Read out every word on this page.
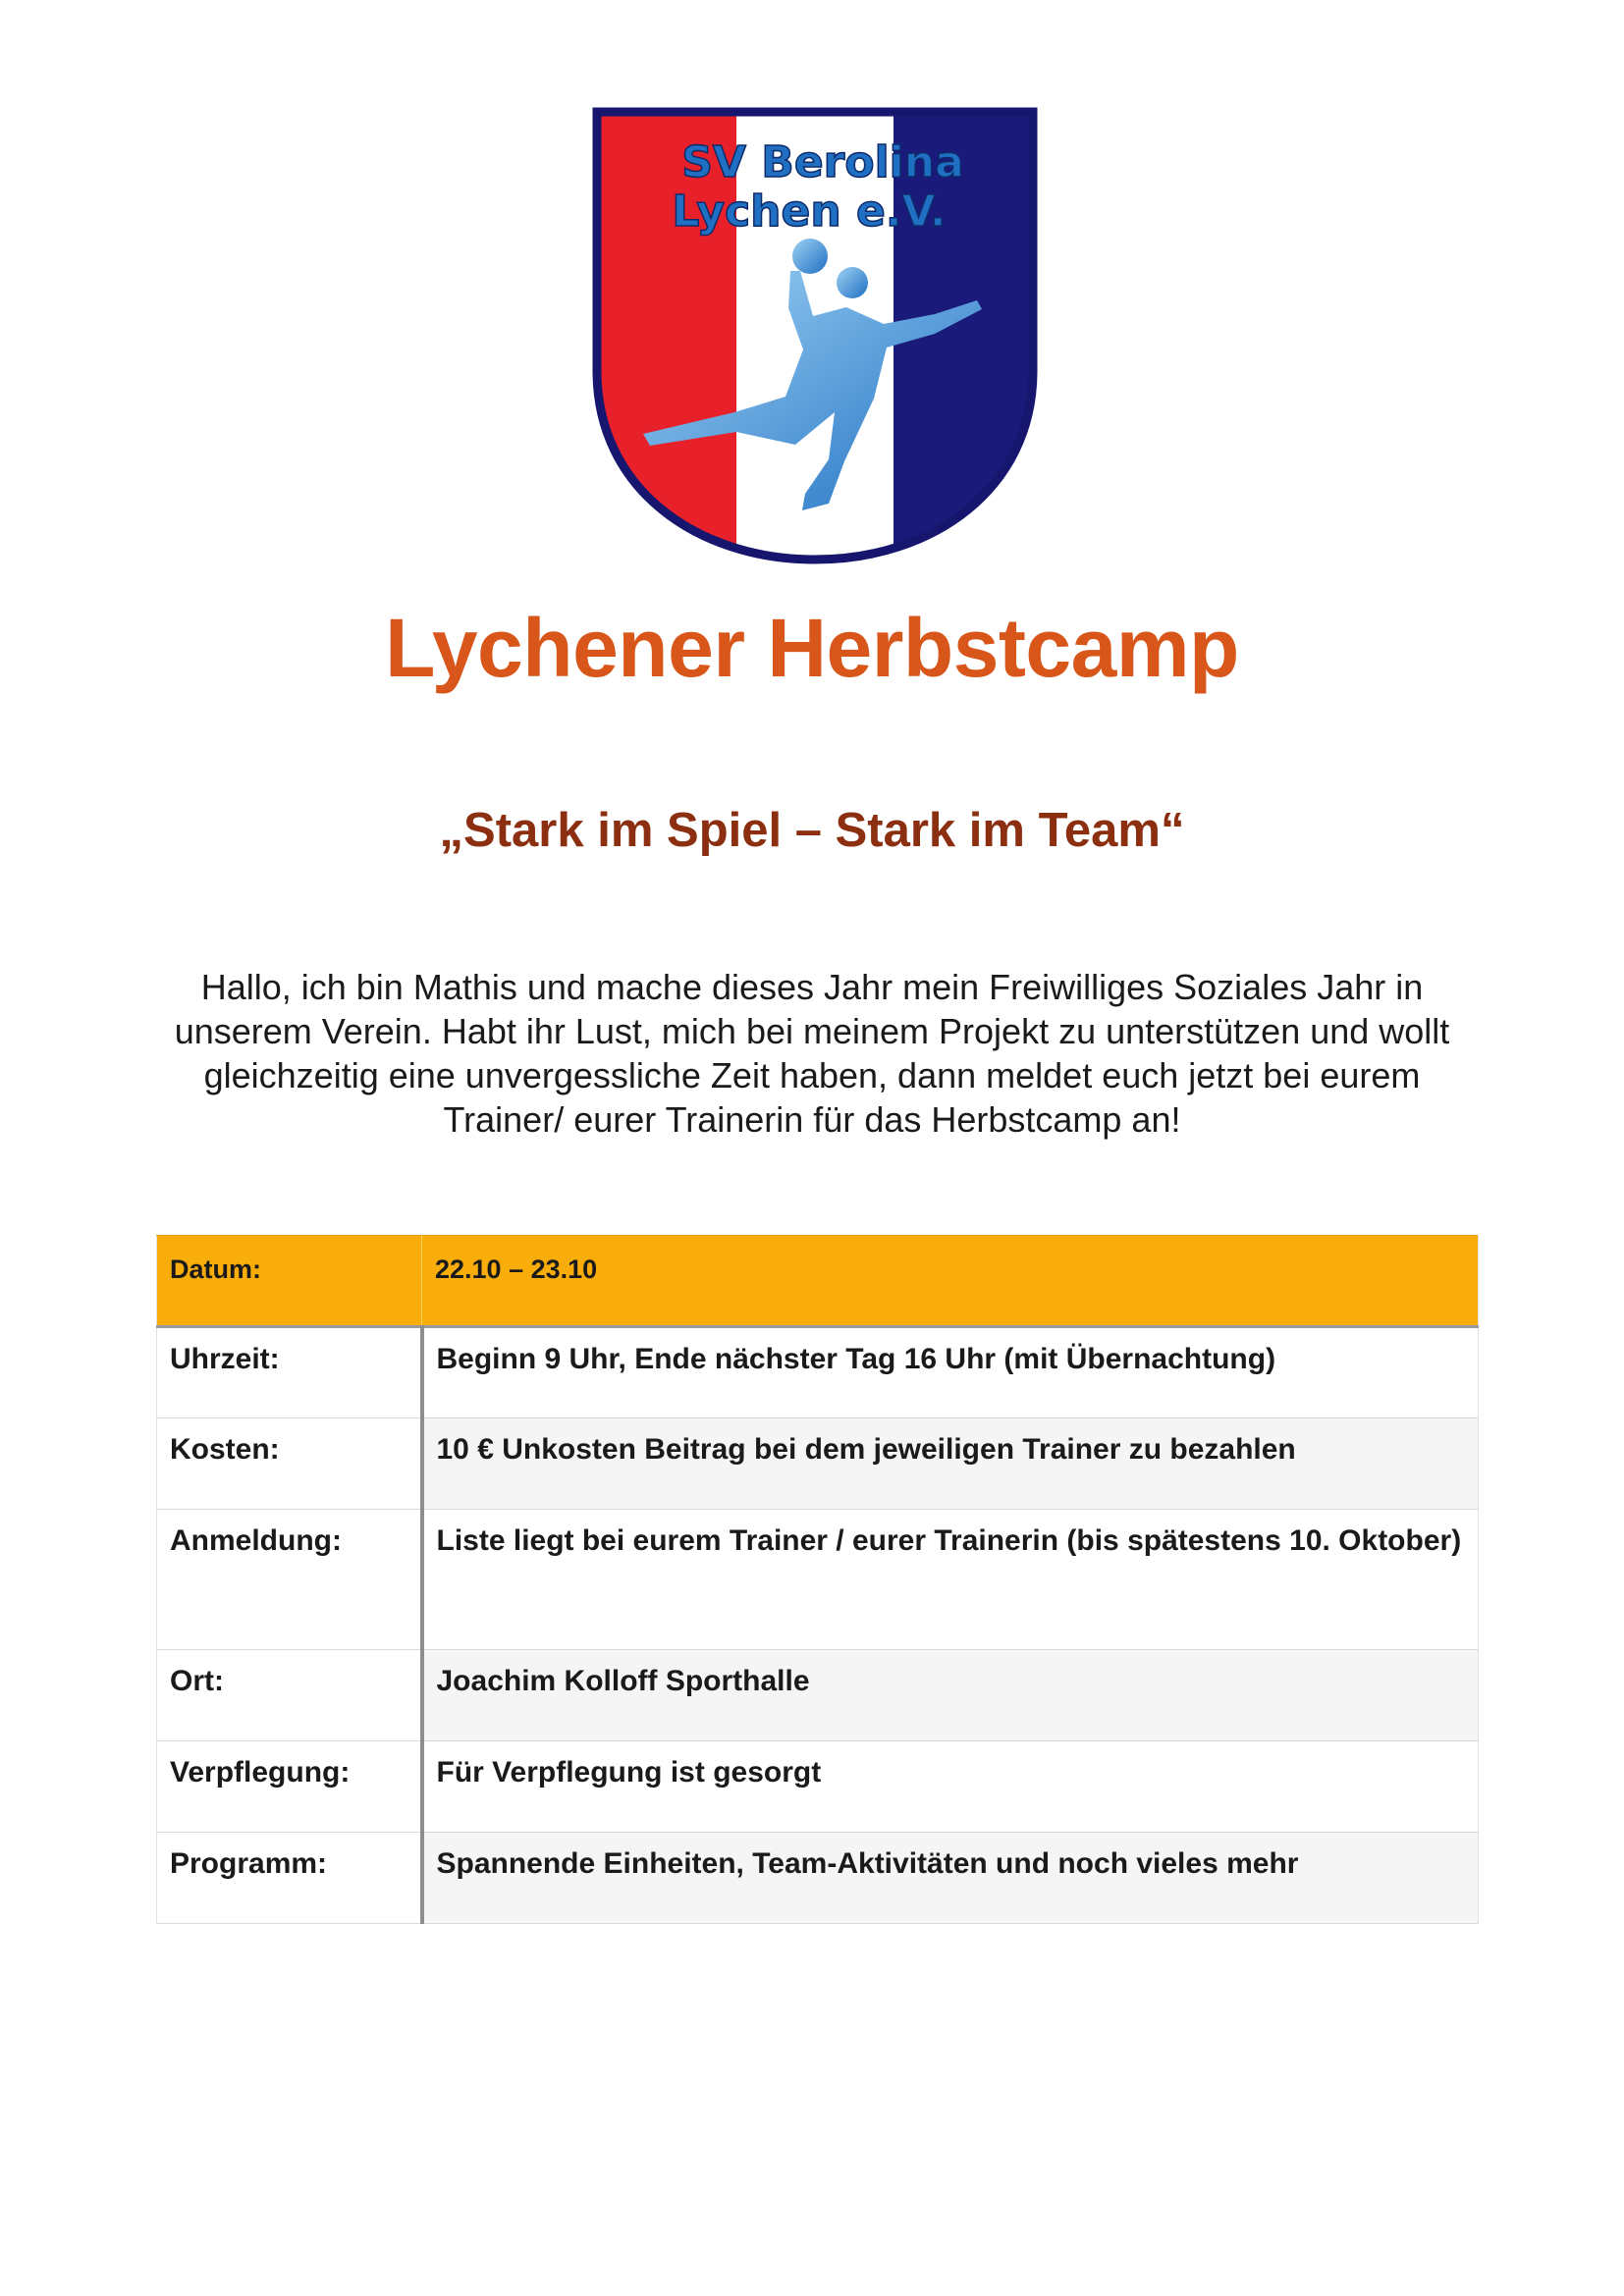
SV Berolina
Lychen e.V.
Lychener Herbstcamp
„Stark im Spiel – Stark im Team“

Hallo, ich bin Mathis und mache dieses Jahr mein Freiwilliges Soziales Jahr in unserem Verein. Habt ihr Lust, mich bei meinem Projekt zu unterstützen und wollt gleichzeitig eine unvergessliche Zeit haben, dann meldet euch jetzt bei eurem Trainer/ eurer Trainerin für das Herbstcamp an!

Datum:	22.10 – 23.10
Uhrzeit:	Beginn 9 Uhr, Ende nächster Tag 16 Uhr (mit Übernachtung)
Kosten:	10 € Unkosten Beitrag bei dem jeweiligen Trainer zu bezahlen
Anmeldung:	Liste liegt bei eurem Trainer / eurer Trainerin (bis spätestens 10. Oktober)
Ort:	Joachim Kolloff Sporthalle
Verpflegung:	Für Verpflegung ist gesorgt
Programm:	Spannende Einheiten, Team-Aktivitäten und noch vieles mehr
